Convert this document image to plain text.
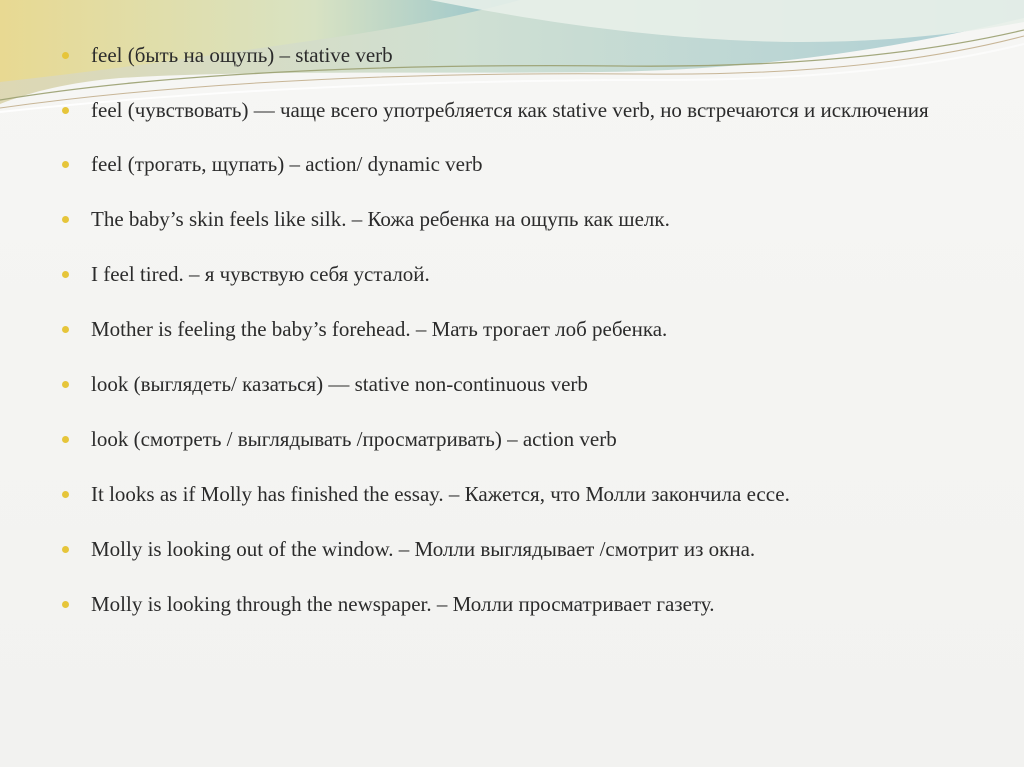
feel (быть на ощупь) – stative verb
feel (чувствовать) — чаще всего употребляется как stative verb, но встречаются и исключения
feel (трогать, щупать) – action/ dynamic verb
The baby’s skin feels like silk. – Кожа ребенка на ощупь как шелк.
I feel tired. – я чувствую себя усталой.
Mother is feeling the baby’s forehead. – Мать трогает лоб ребенка.
look (выглядеть/ казаться) — stative non-continuous verb
look (смотреть / выглядывать /просматривать) – action verb
It looks as if Molly has finished the essay. – Кажется, что Молли закончила ессе.
Molly is looking out of the window. – Молли выглядывает /смотрит из окна.
Molly is looking through the newspaper. – Молли просматривает газету.
